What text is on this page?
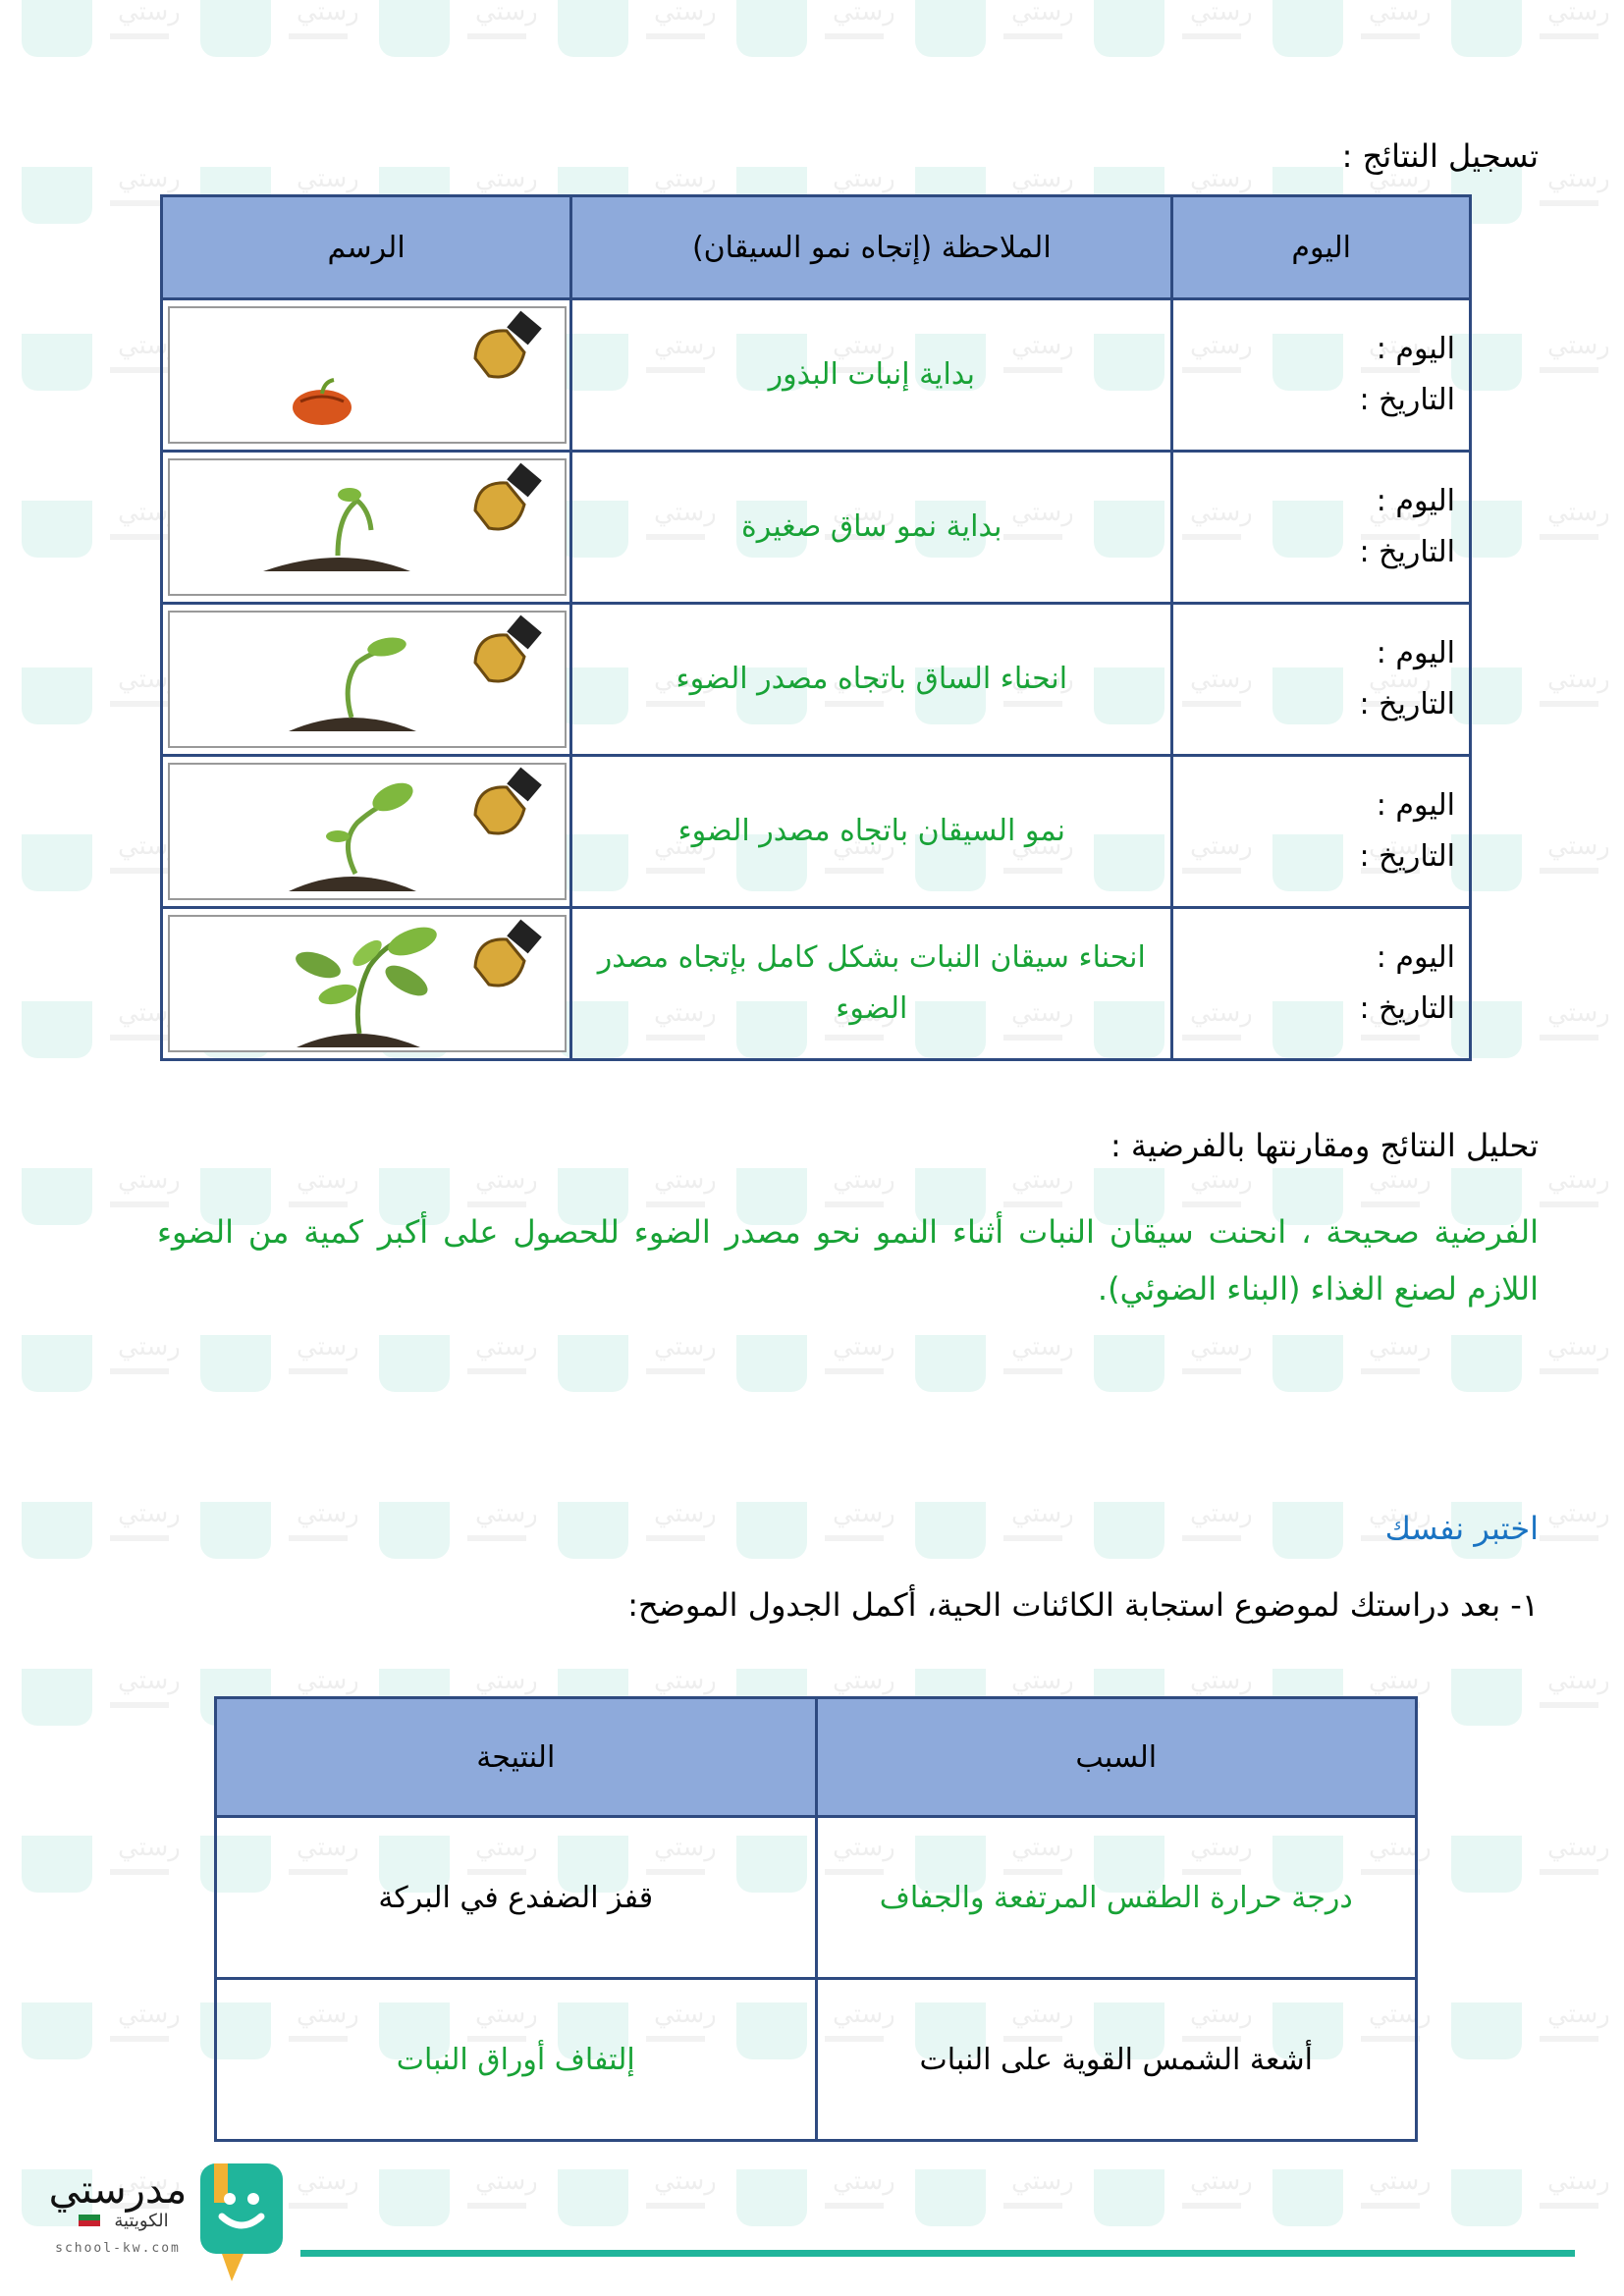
تسجيل النتائج :
اليوم	الملاحظة (إتجاه نمو السيقان)	الرسم

اليوم :
التاريخ :	بداية إنبات البذور	

اليوم :
التاريخ :	بداية نمو ساق صغيرة	

اليوم :
التاريخ :	انحناء الساق باتجاه مصدر الضوء	

اليوم :
التاريخ :	نمو السيقان باتجاه مصدر الضوء	

اليوم :
التاريخ :	انحناء سيقان النبات بشكل كامل بإتجاه مصدر الضوء	
تحليل النتائج ومقارنتها بالفرضية :
الفرضية صحيحة ، انحنت سيقان النبات أثناء النمو نحو مصدر الضوء للحصول على أكبر كمية من الضوء اللازم لصنع الغذاء (البناء الضوئي).
اختبر نفسك
١- بعد دراستك لموضوع استجابة الكائنات الحية، أكمل الجدول الموضح:
السبب	النتيجة
درجة حرارة الطقس المرتفعة والجفاف	قفز الضفدع في البركة
أشعة الشمس القوية على النبات	إلتفاف أوراق النبات
مدرستي
الكويتية
school-kw.com
